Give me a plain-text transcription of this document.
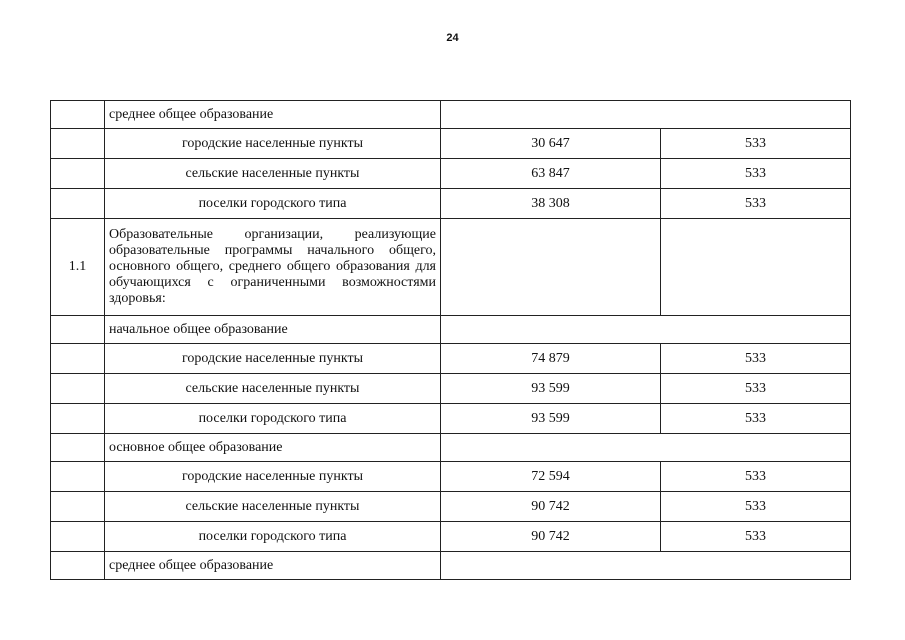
24
	среднее общее образование		
	городские населенные пункты	30 647	533
	сельские населенные пункты	63 847	533
	поселки городского типа	38 308	533
1.1	Образовательные организации, реализующие образовательные программы начального общего, основного общего, среднего общего образования для обучающихся с ограниченными возможностями здоровья:		
	начальное общее образование		
	городские населенные пункты	74 879	533
	сельские населенные пункты	93 599	533
	поселки городского типа	93 599	533
	основное общее образование		
	городские населенные пункты	72 594	533
	сельские населенные пункты	90 742	533
	поселки городского типа	90 742	533
	среднее общее образование		
